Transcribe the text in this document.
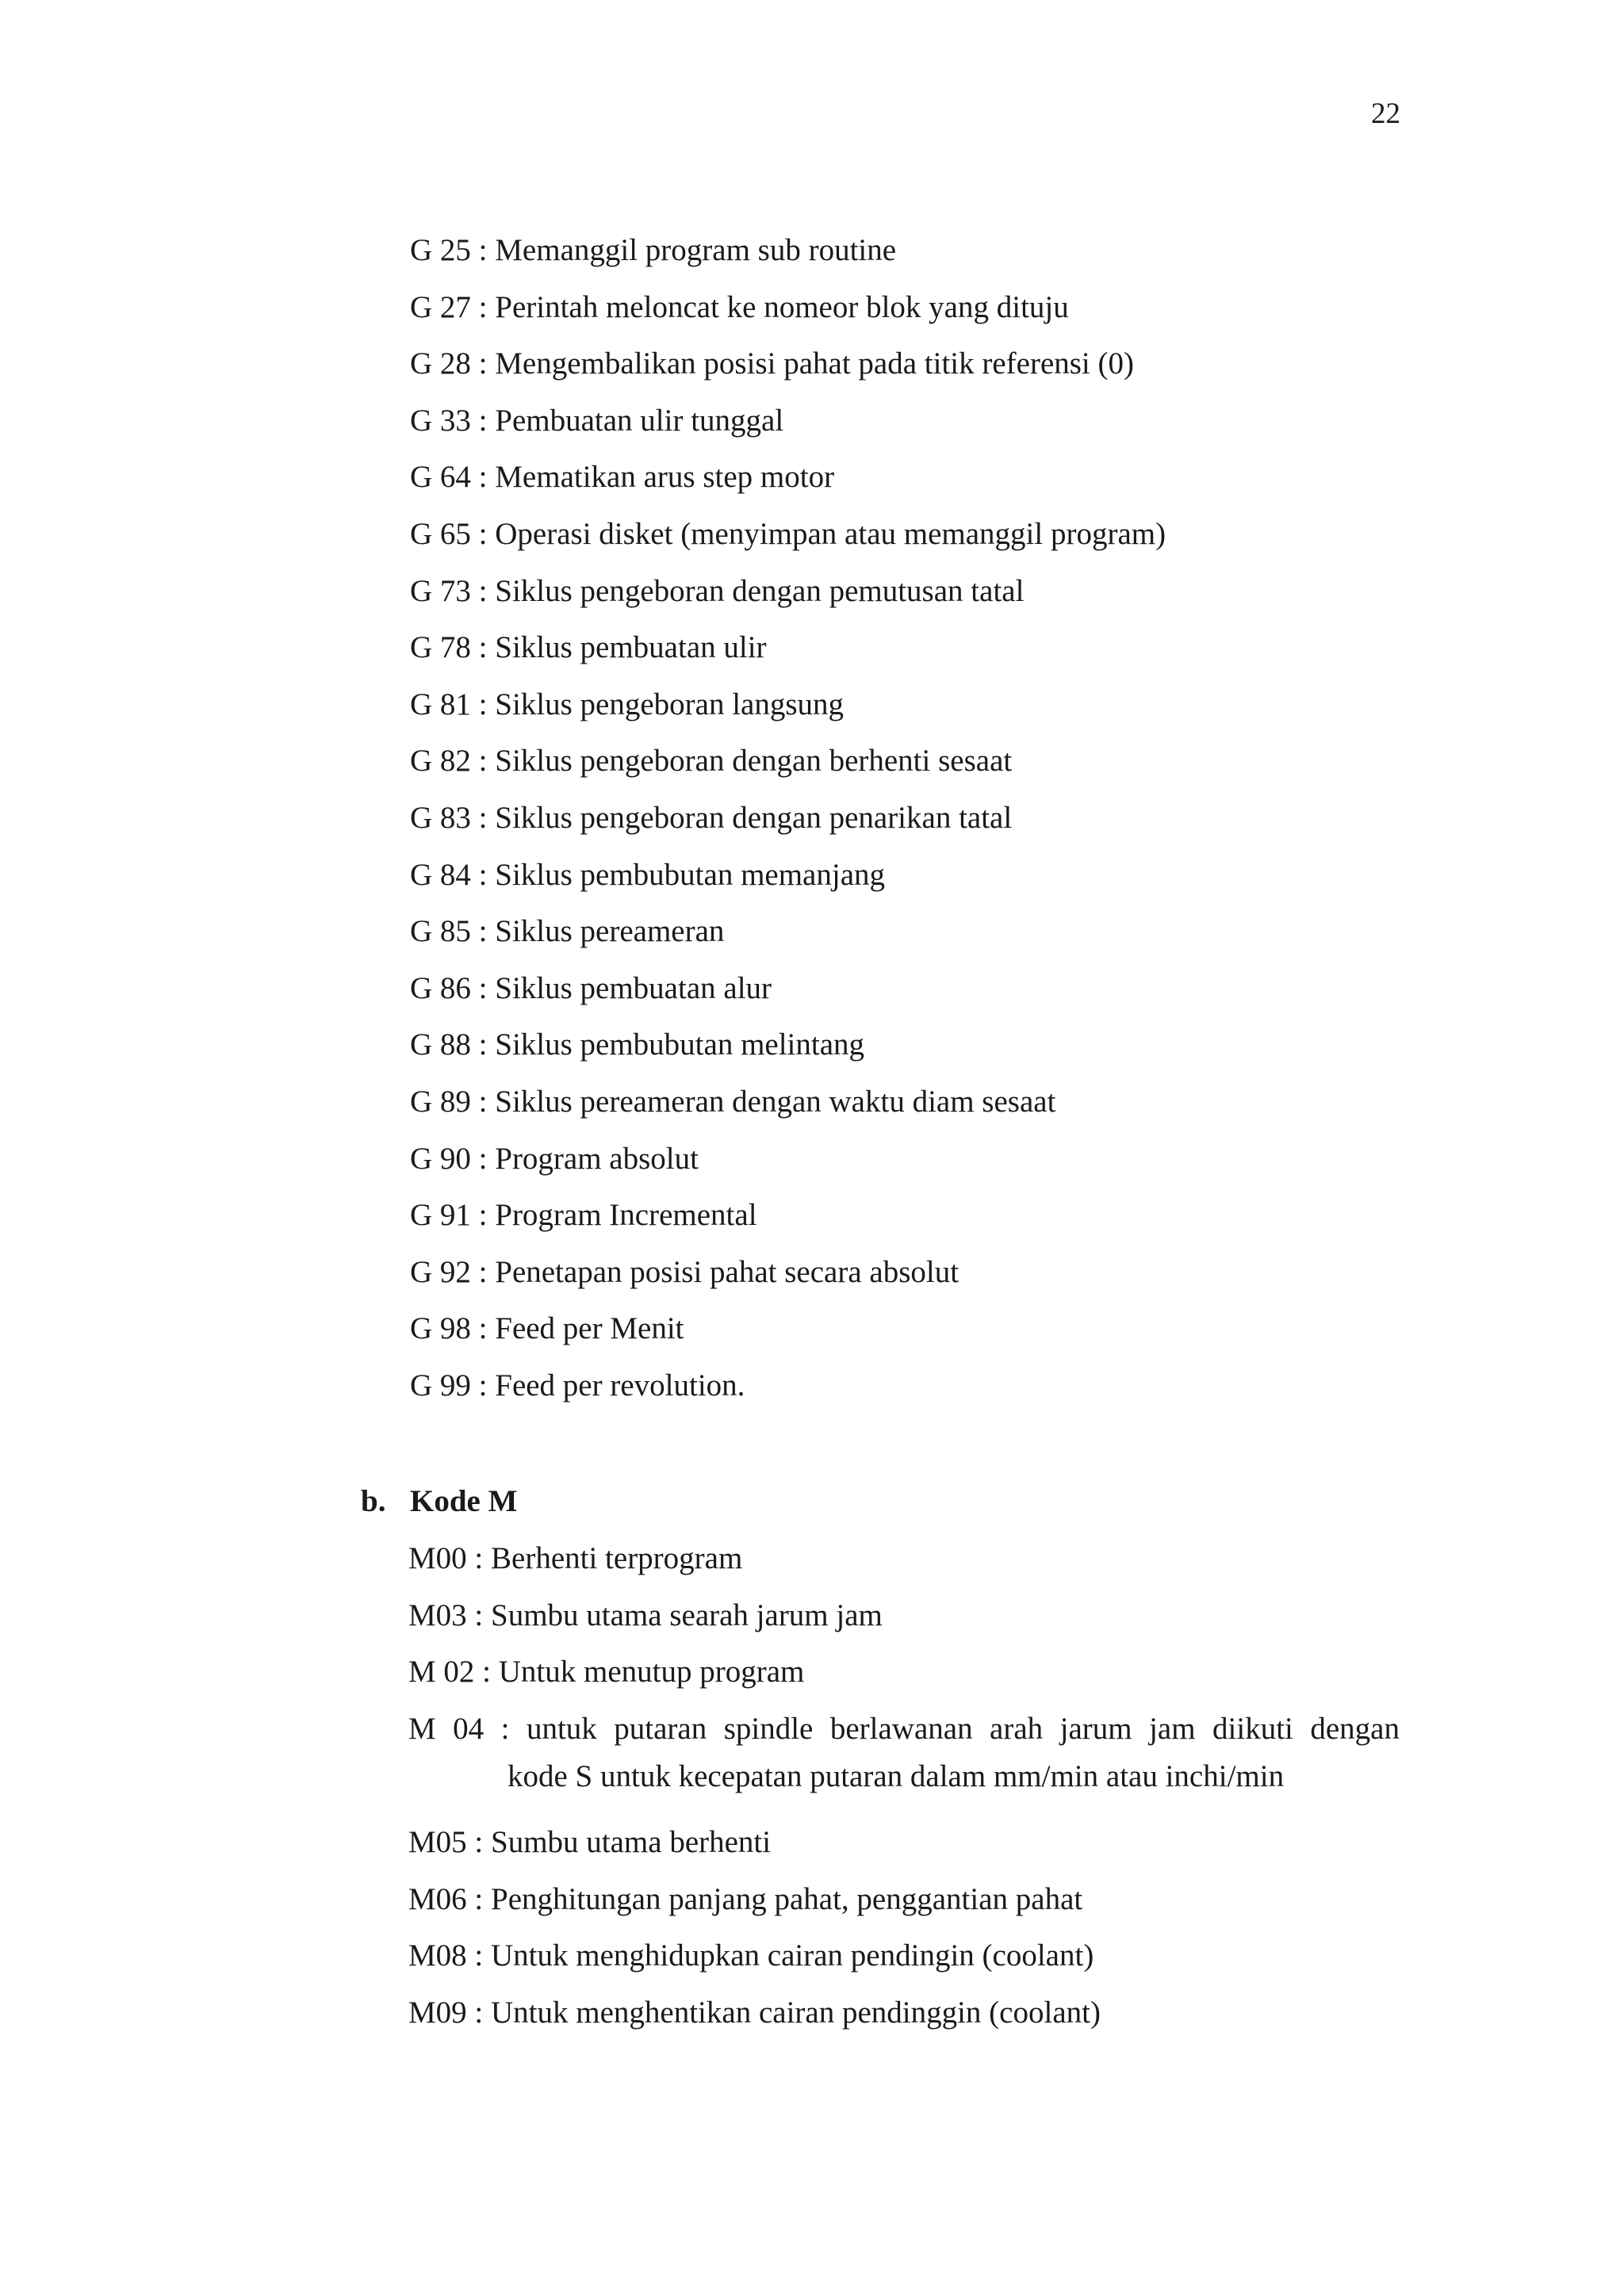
22
G 25 : Memanggil program sub routine
G 27 : Perintah meloncat ke nomeor blok yang dituju
G 28 : Mengembalikan posisi pahat pada titik referensi (0)
G 33 : Pembuatan ulir tunggal
G 64 : Mematikan arus step motor
G 65 : Operasi disket (menyimpan atau memanggil program)
G 73 : Siklus pengeboran dengan pemutusan tatal
G 78 : Siklus pembuatan ulir
G 81 : Siklus pengeboran langsung
G 82 : Siklus pengeboran dengan berhenti sesaat
G 83 : Siklus pengeboran dengan penarikan tatal
G 84 : Siklus pembubutan memanjang
G 85 : Siklus pereameran
G 86 : Siklus pembuatan alur
G 88 : Siklus pembubutan melintang
G 89 : Siklus pereameran dengan waktu diam sesaat
G 90 : Program absolut
G 91 : Program Incremental
G 92 : Penetapan posisi pahat secara absolut
G 98 : Feed per Menit
G 99 : Feed per revolution.
b. Kode M
M00 : Berhenti terprogram
M03 : Sumbu utama searah jarum jam
M 02 : Untuk menutup program
M 04 : untuk putaran spindle berlawanan arah jarum jam diikuti dengan
kode S untuk kecepatan putaran dalam mm/min atau inchi/min
M05 : Sumbu utama berhenti
M06 : Penghitungan panjang pahat, penggantian pahat
M08 : Untuk menghidupkan cairan pendingin (coolant)
M09 : Untuk menghentikan cairan pendinggin (coolant)
